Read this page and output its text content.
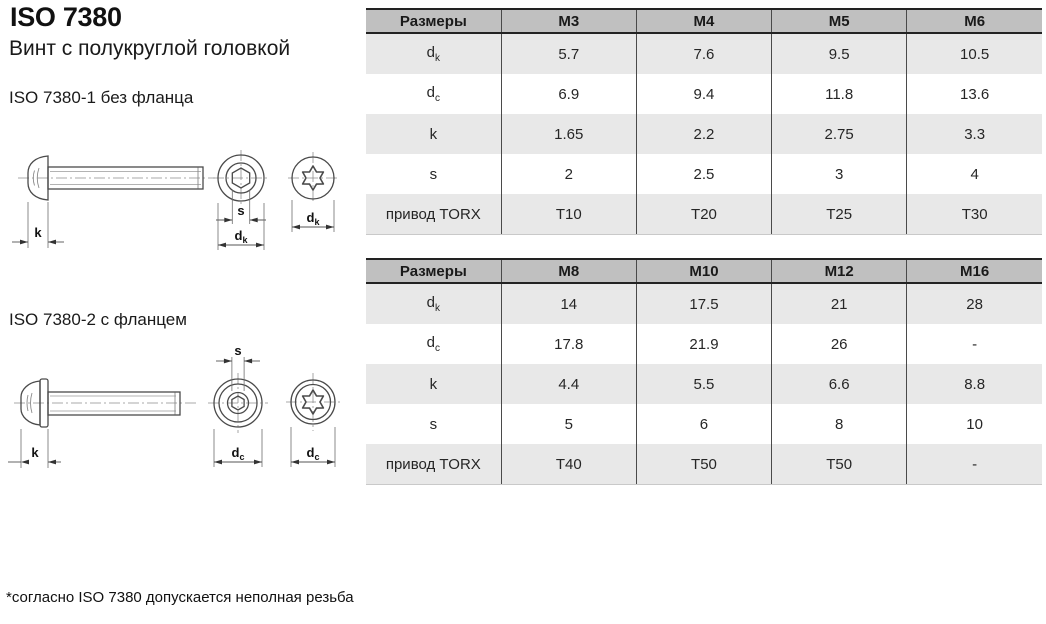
ISO 7380
Винт с полукруглой головкой
ISO 7380-1 без фланца
k
s
$d_k$
$d_k$
ISO 7380-2 с фланцем
k
s
$d_c$	$d_c$
Размеры	M3	M4	M5	M6
$d_k$	5.7	7.6	9.5	10.5
$d_c$	6.9	9.4	11.8	13.6
k	1.65	2.2	2.75	3.3
s	2	2.5	3	4
привод TORX	T10	T20	T25	T30
Размеры	M8	M10	M12	M16
$d_k$	14	17.5	21	28
$d_c$	17.8	21.9	26	-
k	4.4	5.5	6.6	8.8
s	5	6	8	10
привод TORX	T40	T50	T50	-
*согласно ISO 7380 допускается неполная резьба
